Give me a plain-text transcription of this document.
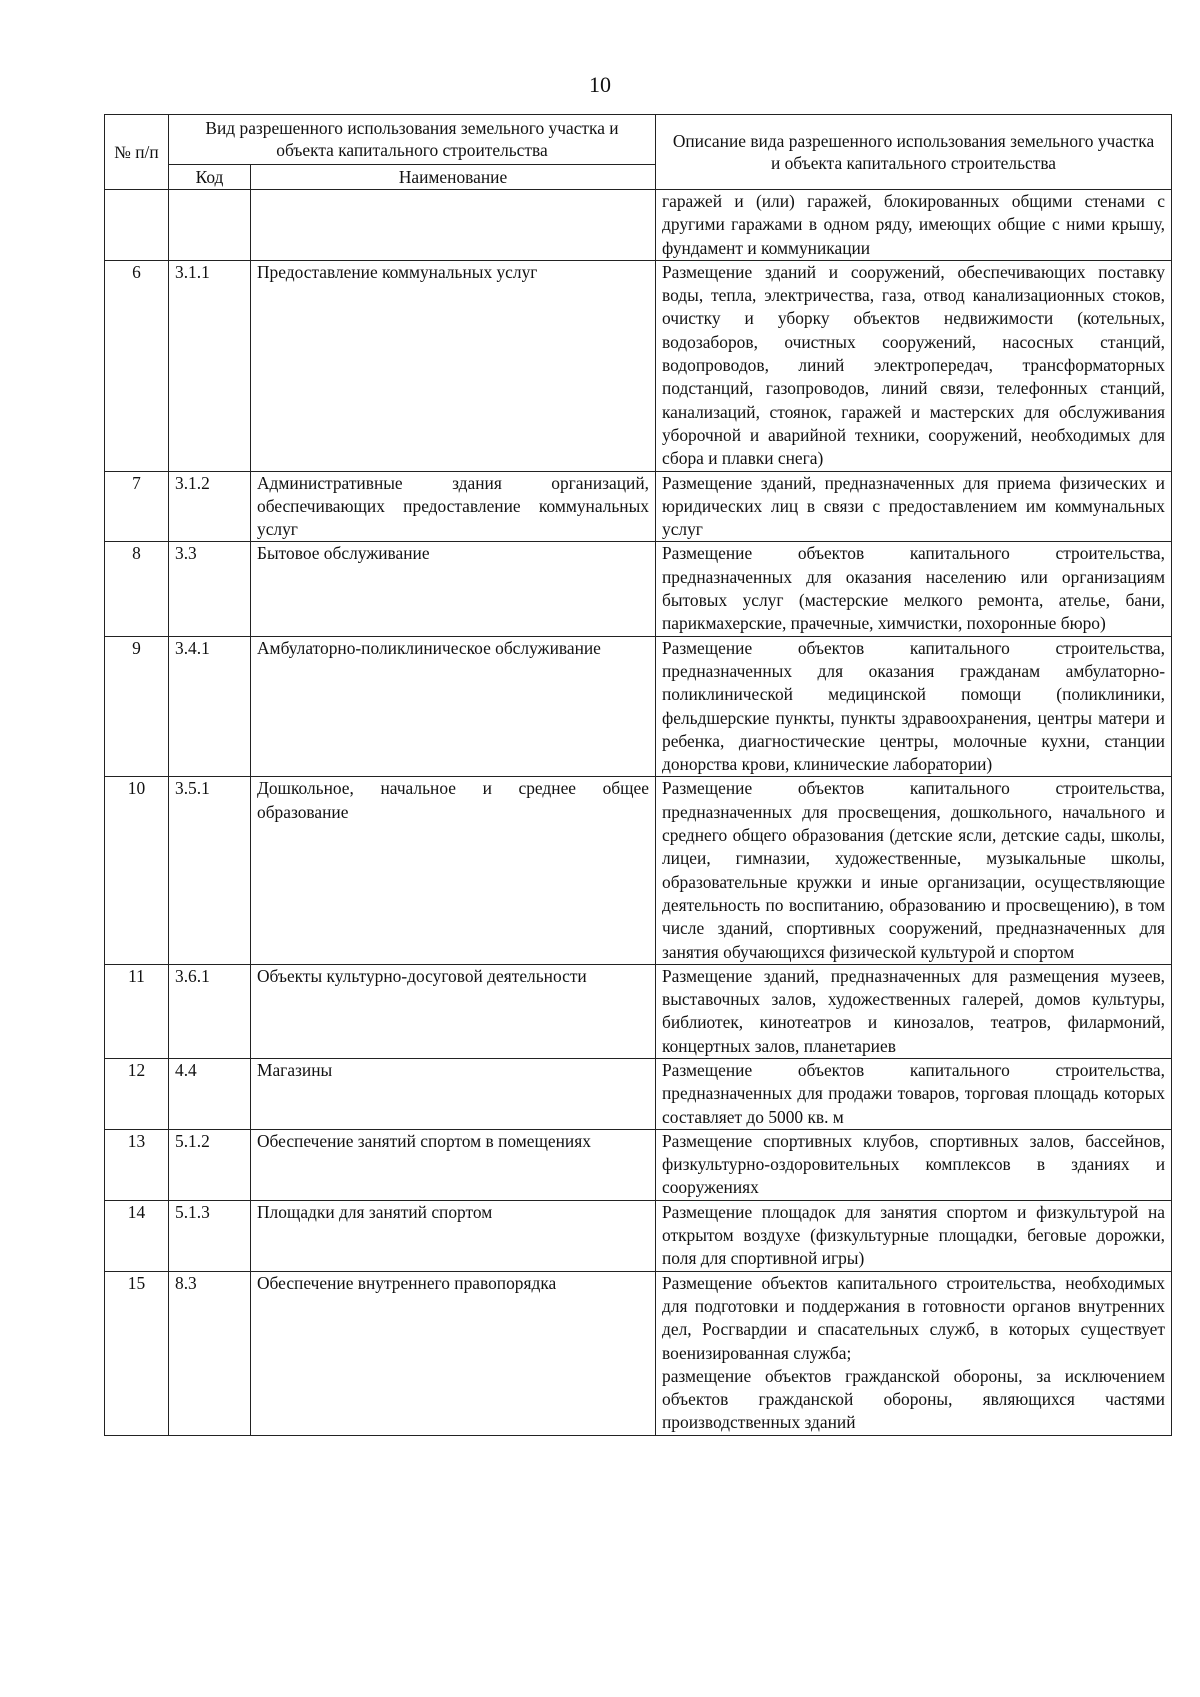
10
№ п/п	Вид разрешенного использования земельного участка и объекта капитального строительства		Описание вида разрешенного использования земельного участка и объекта капитального строительства
	Код	Наименование	

			гаражей и (или) гаражей, блокированных общими стенами с другими гаражами в одном ряду, имеющих общие с ними крышу, фундамент и коммуникации

6	3.1.1	Предоставление коммунальных услуг	Размещение зданий и сооружений, обеспечивающих поставку воды, тепла, электричества, газа, отвод канализационных стоков, очистку и уборку объектов недвижимости (котельных, водозаборов, очистных сооружений, насосных станций, водопроводов, линий электропередач, трансформаторных подстанций, газопроводов, линий связи, телефонных станций, канализаций, стоянок, гаражей и мастерских для обслуживания уборочной и аварийной техники, сооружений, необходимых для сбора и плавки снега)

7	3.1.2	Административные здания организаций, обеспечивающих предоставление коммунальных услуг	Размещение зданий, предназначенных для приема физических и юридических лиц в связи с предоставлением им коммунальных услуг

8	3.3	Бытовое обслуживание	Размещение объектов капитального строительства, предназначенных для оказания населению или организациям бытовых услуг (мастерские мелкого ремонта, ателье, бани, парикмахерские, прачечные, химчистки, похоронные бюро)

9	3.4.1	Амбулаторно-поликлиническое обслуживание	Размещение объектов капитального строительства, предназначенных для оказания гражданам амбулаторно-поликлинической медицинской помощи (поликлиники, фельдшерские пункты, пункты здравоохранения, центры матери и ребенка, диагностические центры, молочные кухни, станции донорства крови, клинические лаборатории)

10	3.5.1	Дошкольное, начальное и среднее общее образование	Размещение объектов капитального строительства, предназначенных для просвещения, дошкольного, начального и среднего общего образования (детские ясли, детские сады, школы, лицеи, гимназии, художественные, музыкальные школы, образовательные кружки и иные организации, осуществляющие деятельность по воспитанию, образованию и просвещению), в том числе зданий, спортивных сооружений, предназначенных для занятия обучающихся физической культурой и спортом

11	3.6.1	Объекты культурно-досуговой деятельности	Размещение зданий, предназначенных для размещения музеев, выставочных залов, художественных галерей, домов культуры, библиотек, кинотеатров и кинозалов, театров, филармоний, концертных залов, планетариев

12	4.4	Магазины	Размещение объектов капитального строительства, предназначенных для продажи товаров, торговая площадь которых составляет до 5000 кв. м

13	5.1.2	Обеспечение занятий спортом в помещениях	Размещение спортивных клубов, спортивных залов, бассейнов, физкультурно-оздоровительных комплексов в зданиях и сооружениях

14	5.1.3	Площадки для занятий спортом	Размещение площадок для занятия спортом и физкультурой на открытом воздухе (физкультурные площадки, беговые дорожки, поля для спортивной игры)

15	8.3	Обеспечение внутреннего правопорядка	Размещение объектов капитального строительства, необходимых для подготовки и поддержания в готовности органов внутренних дел, Росгвардии и спасательных служб, в которых существует военизированная служба;
размещение объектов гражданской обороны, за исключением объектов гражданской обороны, являющихся частями производственных зданий
